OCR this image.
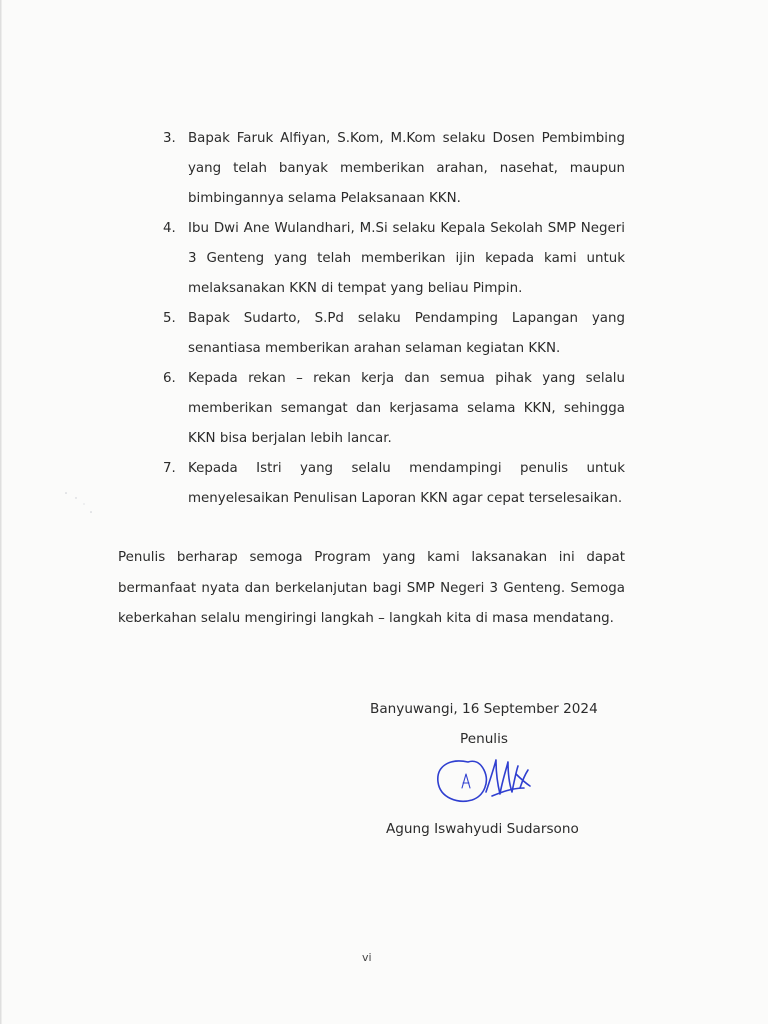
3. Bapak Faruk Alfiyan, S.Kom, M.Kom selaku Dosen Pembimbing yang telah banyak memberikan arahan, nasehat, maupun bimbingannya selama Pelaksanaan KKN.
4. Ibu Dwi Ane Wulandhari, M.Si selaku Kepala Sekolah SMP Negeri 3 Genteng yang telah memberikan ijin kepada kami untuk melaksanakan KKN di tempat yang beliau Pimpin.
5. Bapak Sudarto, S.Pd selaku Pendamping Lapangan yang senantiasa memberikan arahan selaman kegiatan KKN.
6. Kepada rekan – rekan kerja dan semua pihak yang selalu memberikan semangat dan kerjasama selama KKN, sehingga KKN bisa berjalan lebih lancar.
7. Kepada Istri yang selalu mendampingi penulis untuk menyelesaikan Penulisan Laporan KKN agar cepat terselesaikan.

Penulis berharap semoga Program yang kami laksanakan ini dapat bermanfaat nyata dan berkelanjutan bagi SMP Negeri 3 Genteng. Semoga keberkahan selalu mengiringi langkah – langkah kita di masa mendatang.

Banyuwangi, 16 September 2024

Penulis

Agung Iswahyudi Sudarsono

vi
